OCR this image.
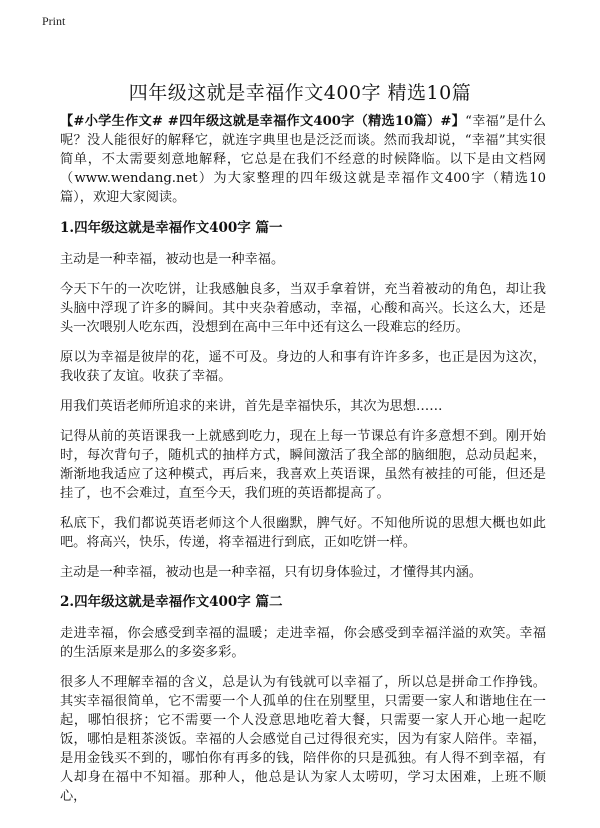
Print
四年级这就是幸福作文400字 精选10篇

【#小学生作文# #四年级这就是幸福作文400字（精选10篇）#】“幸福”是什么呢？没人能很好的解释它，就连字典里也是泛泛而谈。然而我却说，“幸福”其实很简单，不太需要刻意地解释，它总是在我们不经意的时候降临。以下是由文档网（www.wendang.net）为大家整理的四年级这就是幸福作文400字（精选10篇），欢迎大家阅读。

1.四年级这就是幸福作文400字 篇一

主动是一种幸福，被动也是一种幸福。

今天下午的一次吃饼，让我感触良多，当双手拿着饼，充当着被动的角色，却让我头脑中浮现了许多的瞬间。其中夹杂着感动，幸福，心酸和高兴。长这么大，还是头一次喂别人吃东西，没想到在高中三年中还有这么一段难忘的经历。

原以为幸福是彼岸的花，遥不可及。身边的人和事有许许多多，也正是因为这次，我收获了友谊。收获了幸福。

用我们英语老师所追求的来讲，首先是幸福快乐，其次为思想……

记得从前的英语课我一上就感到吃力，现在上每一节课总有许多意想不到。刚开始时，每次背句子，随机式的抽样方式，瞬间激活了我全部的脑细胞，总动员起来，渐渐地我适应了这种模式，再后来，我喜欢上英语课，虽然有被挂的可能，但还是挂了，也不会难过，直至今天，我们班的英语都提高了。

私底下，我们都说英语老师这个人很幽默，脾气好。不知他所说的思想大概也如此吧。将高兴，快乐，传递，将幸福进行到底，正如吃饼一样。

主动是一种幸福，被动也是一种幸福，只有切身体验过，才懂得其内涵。

2.四年级这就是幸福作文400字 篇二

走进幸福，你会感受到幸福的温暖；走进幸福，你会感受到幸福洋溢的欢笑。幸福的生活原来是那么的多姿多彩。

很多人不理解幸福的含义，总是认为有钱就可以幸福了，所以总是拼命工作挣钱。其实幸福很简单，它不需要一个人孤单的住在别墅里，只需要一家人和谐地住在一起，哪怕很挤；它不需要一个人没意思地吃着大餐，只需要一家人开心地一起吃饭，哪怕是粗茶淡饭。幸福的人会感觉自己过得很充实，因为有家人陪伴。幸福，是用金钱买不到的，哪怕你有再多的钱，陪伴你的只是孤独。有人得不到幸福，有人却身在福中不知福。那种人，他总是认为家人太唠叨，学习太困难，上班不顺心，
